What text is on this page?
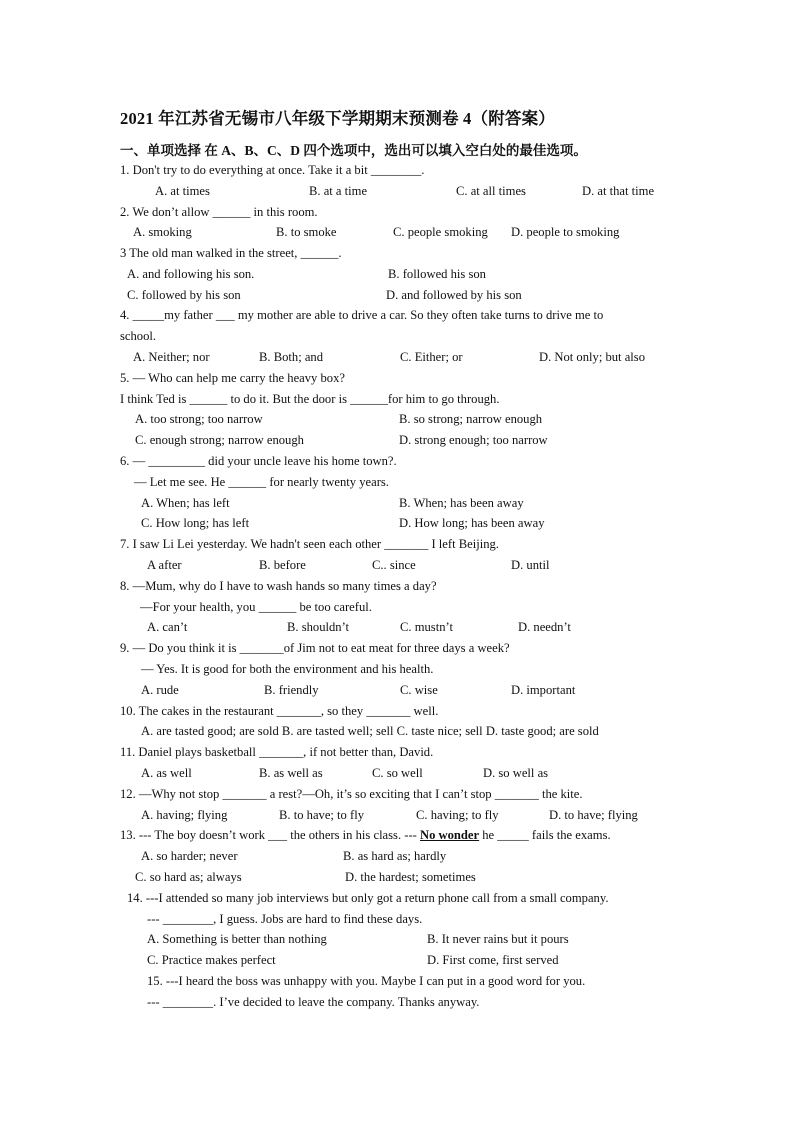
2021 年江苏省无锡市八年级下学期期末预测卷 4（附答案）
一、单项选择 在 A、B、C、D 四个选项中，选出可以填入空白处的最佳选项。
1. Don't try to do everything at once. Take it a bit ________.
A. at times	B. at a time	C. at all times	D. at that time
2. We don’t allow ______ in this room.
A. smoking	B. to smoke	C. people smoking D. people to smoking
3 The old man walked in the street, ______.
A. and following his son.	B. followed his son
C. followed by his son	D. and followed by his son
4. _____my father ___ my mother are able to drive a car. So they often take turns to drive me to
school.
A. Neither; nor	B. Both; and	C. Either; or	D. Not only; but also
5. — Who can help me carry the heavy box?
I think Ted is ______ to do it. But the door is ______for him to go through.
A. too strong; too narrow	B. so strong; narrow enough
C. enough strong; narrow enough	D. strong enough; too narrow
6. — _________ did your uncle leave his home town?.
— Let me see. He ______ for nearly twenty years.
A. When; has left	B. When; has been away
C. How long; has left	D. How long; has been away
7. I saw Li Lei yesterday. We hadn't seen each other _______ I left Beijing.
A after	B. before	C.. since	D. until
8. —Mum, why do I have to wash hands so many times a day?
—For your health, you ______ be too careful.
A. can’t	B. shouldn’t	C. mustn’t	D. needn’t
9. — Do you think it is _______of Jim not to eat meat for three days a week?
— Yes. It is good for both the environment and his health.
A. rude	B. friendly	C. wise	D. important
10. The cakes in the restaurant _______, so they _______ well.
A. are tasted good; are sold B. are tasted well; sell C. taste nice; sell D. taste good; are sold
11. Daniel plays basketball _______, if not better than, David.
A. as well	B. as well as	C. so well	D. so well as
12. —Why not stop _______ a rest?—Oh, it’s so exciting that I can’t stop _______ the kite.
A. having; flying	B. to have; to fly	C. having; to fly	D. to have; flying
13. --- The boy doesn’t work ___ the others in his class. --- No wonder he _____ fails the exams.
A. so harder; never	B. as hard as; hardly
C. so hard as; always	D. the hardest; sometimes
14. ---I attended so many job interviews but only got a return phone call from a small company.
--- ________, I guess. Jobs are hard to find these days.
A. Something is better than nothing	B. It never rains but it pours
C. Practice makes perfect	D. First come, first served
15. ---I heard the boss was unhappy with you. Maybe I can put in a good word for you.
--- ________. I’ve decided to leave the company. Thanks anyway.
